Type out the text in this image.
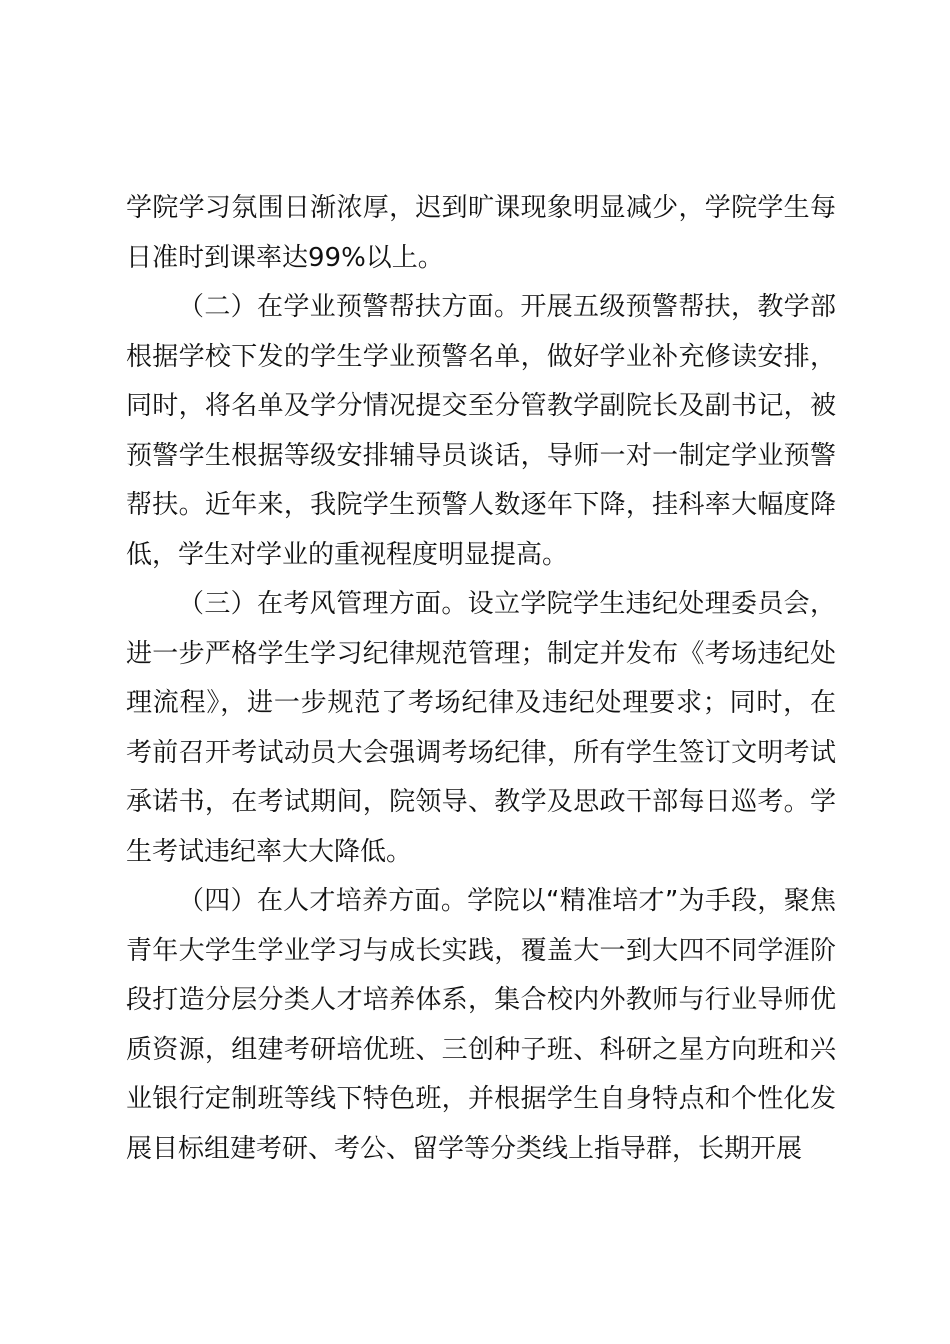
学院学习氛围日渐浓厚，迟到旷课现象明显减少，学院学生每日准时到课率达99%以上。

（二）在学业预警帮扶方面。开展五级预警帮扶，教学部根据学校下发的学生学业预警名单，做好学业补充修读安排，同时，将名单及学分情况提交至分管教学副院长及副书记，被预警学生根据等级安排辅导员谈话，导师一对一制定学业预警帮扶。近年来，我院学生预警人数逐年下降，挂科率大幅度降低，学生对学业的重视程度明显提高。

（三）在考风管理方面。设立学院学生违纪处理委员会，进一步严格学生学习纪律规范管理；制定并发布《考场违纪处理流程》，进一步规范了考场纪律及违纪处理要求；同时，在考前召开考试动员大会强调考场纪律，所有学生签订文明考试承诺书，在考试期间，院领导、教学及思政干部每日巡考。学生考试违纪率大大降低。

（四）在人才培养方面。学院以“精准培才”为手段，聚焦青年大学生学业学习与成长实践，覆盖大一到大四不同学涯阶段打造分层分类人才培养体系，集合校内外教师与行业导师优质资源，组建考研培优班、三创种子班、科研之星方向班和兴业银行定制班等线下特色班，并根据学生自身特点和个性化发展目标组建考研、考公、留学等分类线上指导群，长期开展
